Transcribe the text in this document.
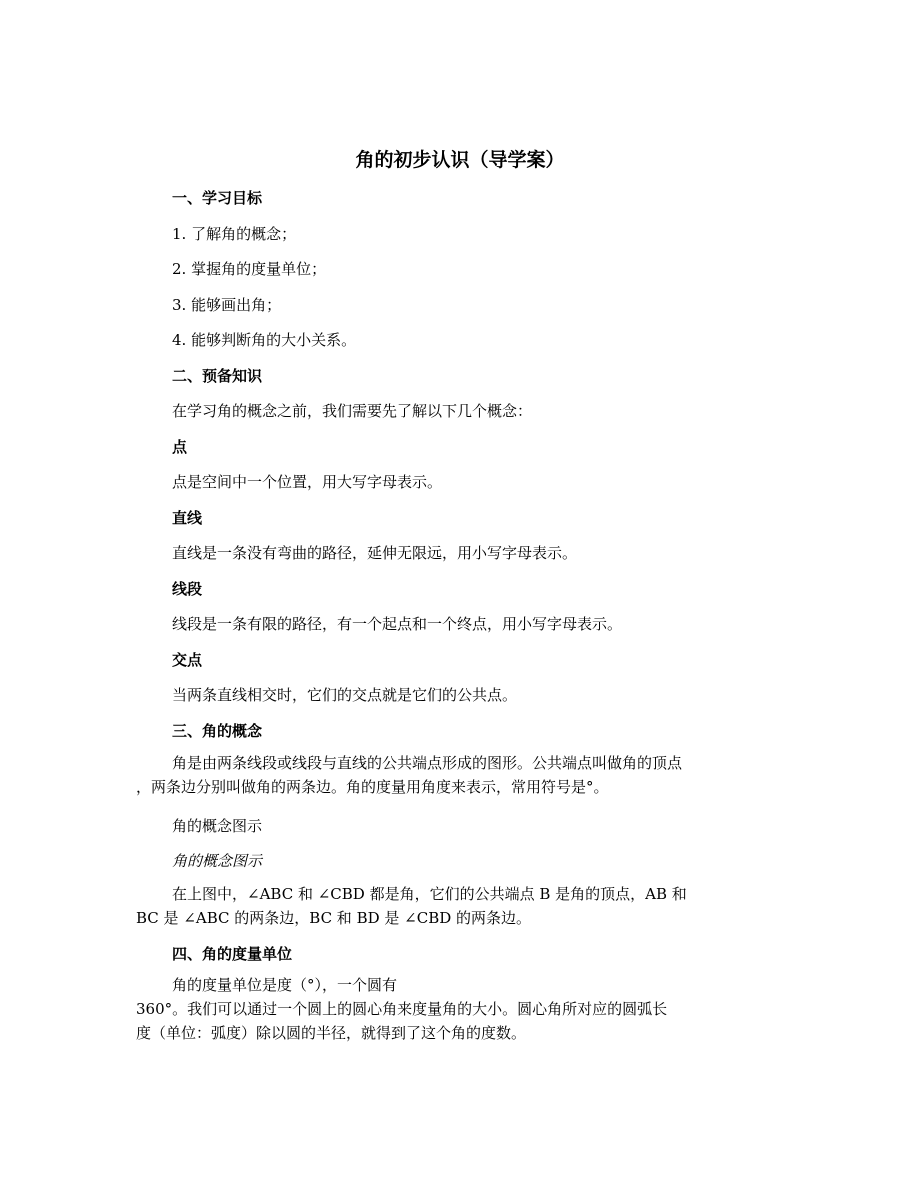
角的初步认识（导学案）
一、学习目标
1. 了解角的概念；
2. 掌握角的度量单位；
3. 能够画出角；
4. 能够判断角的大小关系。
二、预备知识
在学习角的概念之前，我们需要先了解以下几个概念：
点
点是空间中一个位置，用大写字母表示。
直线
直线是一条没有弯曲的路径，延伸无限远，用小写字母表示。
线段
线段是一条有限的路径，有一个起点和一个终点，用小写字母表示。
交点
当两条直线相交时，它们的交点就是它们的公共点。
三、角的概念
角是由两条线段或线段与直线的公共端点形成的图形。公共端点叫做角的顶点
，两条边分别叫做角的两条边。角的度量用角度来表示，常用符号是°。
角的概念图示
角的概念图示
在上图中，∠ABC 和 ∠CBD 都是角，它们的公共端点 B 是角的顶点，AB 和
BC 是 ∠ABC 的两条边，BC 和 BD 是 ∠CBD 的两条边。
四、角的度量单位
角的度量单位是度（°），一个圆有
360°。我们可以通过一个圆上的圆心角来度量角的大小。圆心角所对应的圆弧长
度（单位：弧度）除以圆的半径，就得到了这个角的度数。
